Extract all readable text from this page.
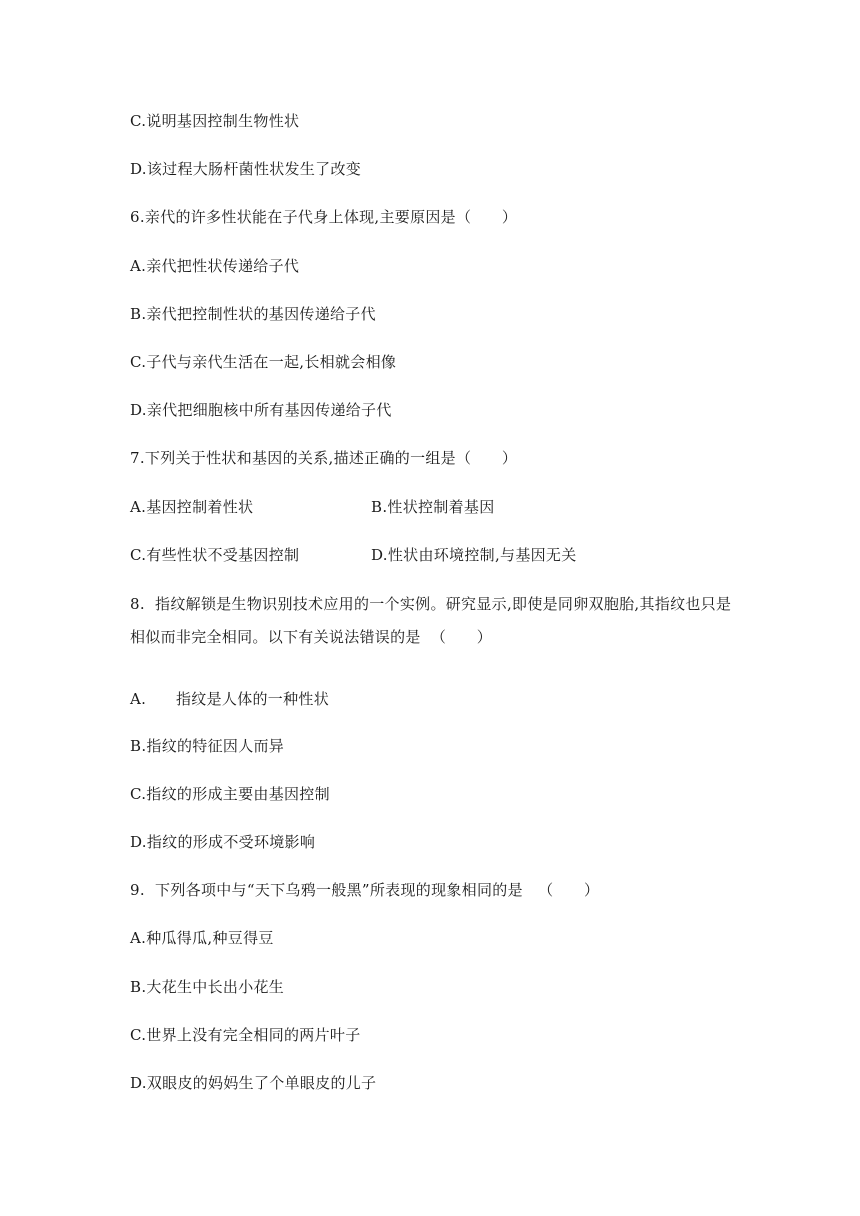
C.说明基因控制生物性状
D.该过程大肠杆菌性状发生了改变
6.亲代的许多性状能在子代身上体现,主要原因是（　　）
A.亲代把性状传递给子代
B.亲代把控制性状的基因传递给子代
C.子代与亲代生活在一起,长相就会相像
D.亲代把细胞核中所有基因传递给子代
7.下列关于性状和基因的关系,描述正确的一组是（　　）
A.基因控制着性状	B.性状控制着基因
C.有些性状不受基因控制	D.性状由环境控制,与基因无关
8.  指纹解锁是生物识别技术应用的一个实例。研究显示,即使是同卵双胞胎,其指纹也只是
相似而非完全相同。以下有关说法错误的是  （　　）
A. 指纹是人体的一种性状
B.指纹的特征因人而异
C.指纹的形成主要由基因控制
D.指纹的形成不受环境影响
9.  下列各项中与“天下乌鸦一般黑”所表现的现象相同的是   （　　）
A.种瓜得瓜,种豆得豆
B.大花生中长出小花生
C.世界上没有完全相同的两片叶子
D.双眼皮的妈妈生了个单眼皮的儿子
